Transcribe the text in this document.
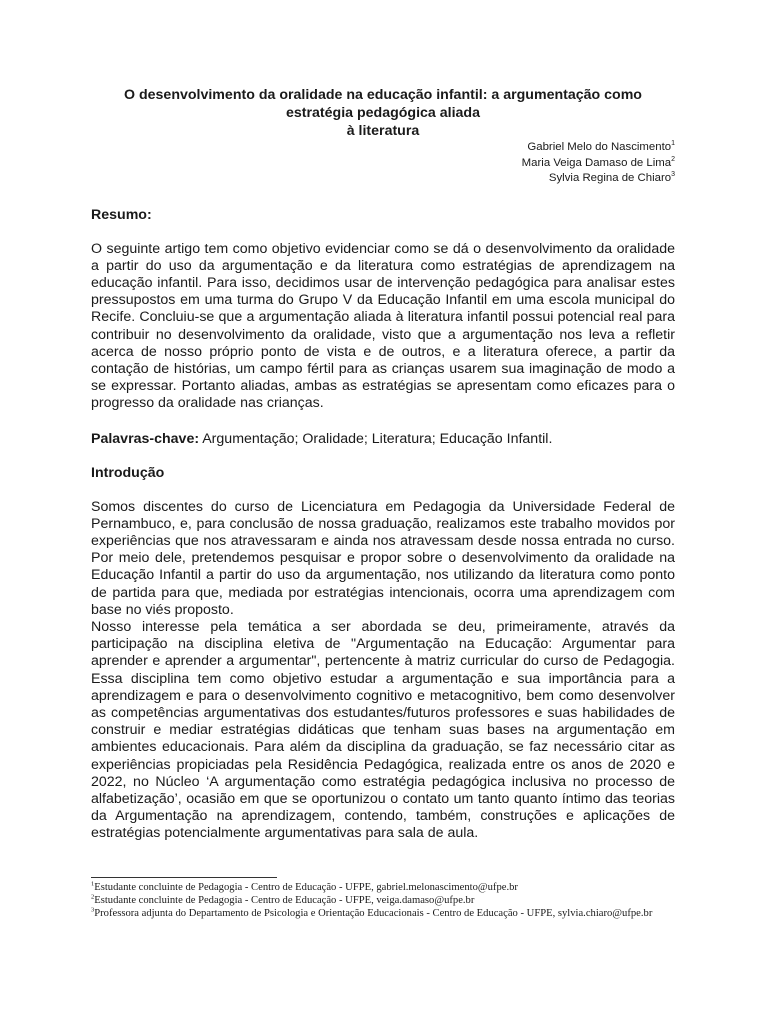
O desenvolvimento da oralidade na educação infantil: a argumentação como
estratégia pedagógica aliada
à literatura
Gabriel Melo do Nascimento$^1$
Maria Veiga Damaso de Lima$^2$
Sylvia Regina de Chiaro$^3$
Resumo:

O seguinte artigo tem como objetivo evidenciar como se dá o desenvolvimento da oralidade a partir do uso da argumentação e da literatura como estratégias de aprendizagem na educação infantil. Para isso, decidimos usar de intervenção pedagógica para analisar estes pressupostos em uma turma do Grupo V da Educação Infantil em uma escola municipal do Recife. Concluiu-se que a argumentação aliada à literatura infantil possui potencial real para contribuir no desenvolvimento da oralidade, visto que a argumentação nos leva a refletir acerca de nosso próprio ponto de vista e de outros, e a literatura oferece, a partir da contação de histórias, um campo fértil para as crianças usarem sua imaginação de modo a se expressar. Portanto aliadas, ambas as estratégias se apresentam como eficazes para o progresso da oralidade nas crianças.

Palavras-chave: Argumentação; Oralidade; Literatura; Educação Infantil.
Introdução

Somos discentes do curso de Licenciatura em Pedagogia da Universidade Federal de Pernambuco, e, para conclusão de nossa graduação, realizamos este trabalho movidos por experiências que nos atravessaram e ainda nos atravessam desde nossa entrada no curso. Por meio dele, pretendemos pesquisar e propor sobre o desenvolvimento da oralidade na Educação Infantil a partir do uso da argumentação, nos utilizando da literatura como ponto de partida para que, mediada por estratégias intencionais, ocorra uma aprendizagem com base no viés proposto.

Nosso interesse pela temática a ser abordada se deu, primeiramente, através da participação na disciplina eletiva de "Argumentação na Educação: Argumentar para aprender e aprender a argumentar", pertencente à matriz curricular do curso de Pedagogia. Essa disciplina tem como objetivo estudar a argumentação e sua importância para a aprendizagem e para o desenvolvimento cognitivo e metacognitivo, bem como desenvolver as competências argumentativas dos estudantes/futuros professores e suas habilidades de construir e mediar estratégias didáticas que tenham suas bases na argumentação em ambientes educacionais. Para além da disciplina da graduação, se faz necessário citar as experiências propiciadas pela Residência Pedagógica, realizada entre os anos de 2020 e 2022, no Núcleo ‘A argumentação como estratégia pedagógica inclusiva no processo de alfabetização’, ocasião em que se oportunizou o contato um tanto quanto íntimo das teorias da Argumentação na aprendizagem, contendo, também, construções e aplicações de estratégias potencialmente argumentativas para sala de aula.

$^1$Estudante concluinte de Pedagogia - Centro de Educação - UFPE, gabriel.melonascimento@ufpe.br
$^2$Estudante concluinte de Pedagogia - Centro de Educação - UFPE, veiga.damaso@ufpe.br
$^3$Professora adjunta do Departamento de Psicologia e Orientação Educacionais - Centro de Educação - UFPE, sylvia.chiaro@ufpe.br
